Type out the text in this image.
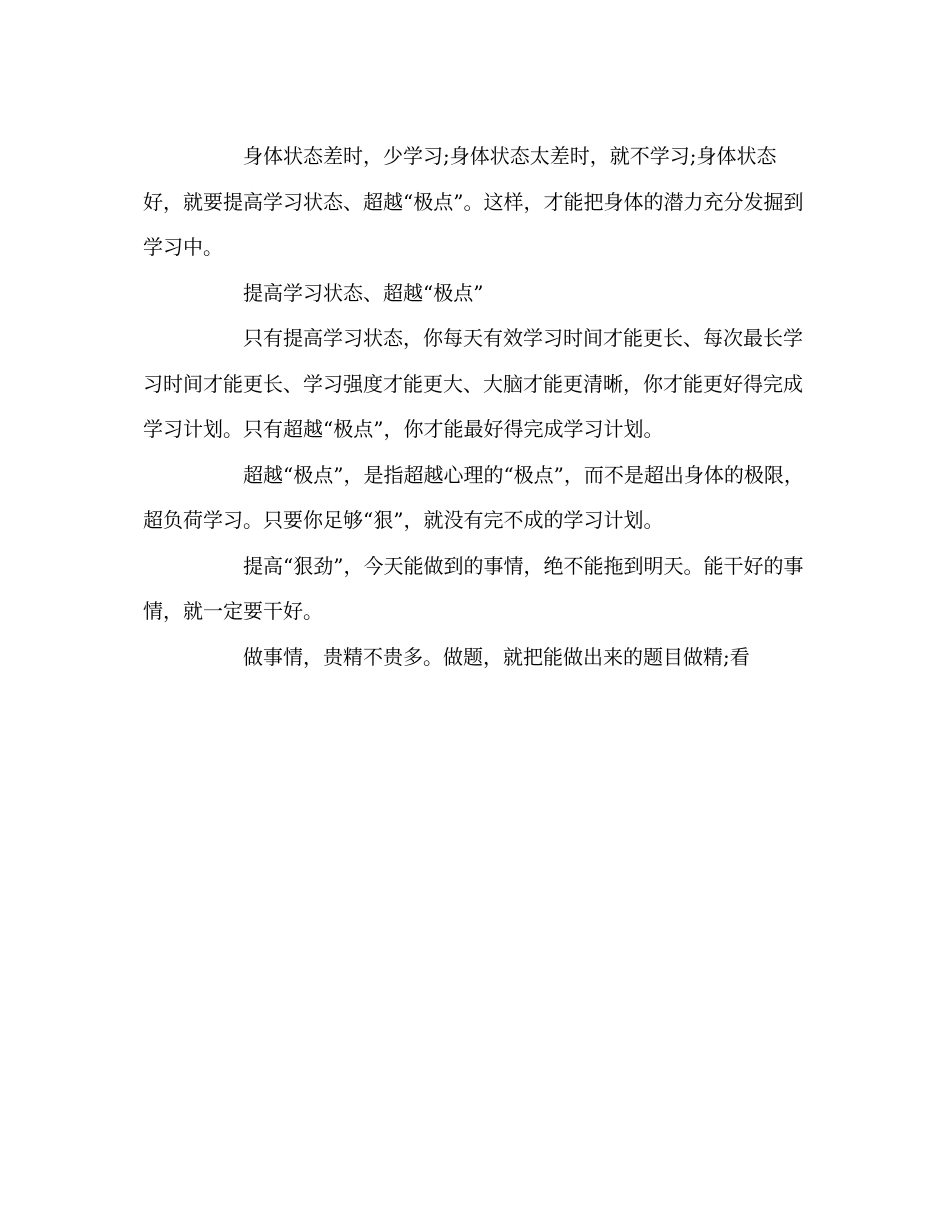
身体状态差时，少学习;身体状态太差时，就不学习;身体状态好，就要提高学习状态、超越“极点”。这样，才能把身体的潜力充分发掘到学习中。

提高学习状态、超越“极点”

只有提高学习状态，你每天有效学习时间才能更长、每次最长学习时间才能更长、学习强度才能更大、大脑才能更清晰，你才能更好得完成学习计划。只有超越“极点”，你才能最好得完成学习计划。

超越“极点”，是指超越心理的“极点”，而不是超出身体的极限，超负荷学习。只要你足够“狠”，就没有完不成的学习计划。

提高“狠劲”，今天能做到的事情，绝不能拖到明天。能干好的事情，就一定要干好。

做事情，贵精不贵多。做题，就把能做出来的题目做精;看
